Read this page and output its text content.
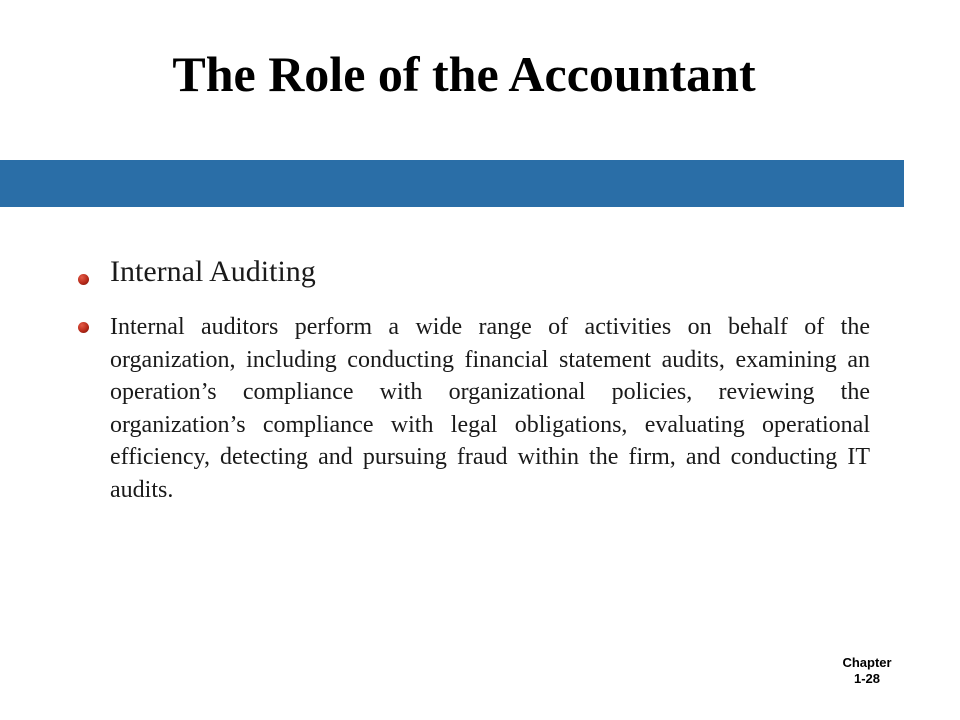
The Role of the Accountant
Internal Auditing
Internal auditors perform a wide range of activities on behalf of the organization, including conducting financial statement audits, examining an operation’s compliance with organizational policies, reviewing the organization’s compliance with legal obligations, evaluating operational efficiency, detecting and pursuing fraud within the firm, and conducting IT audits.
Chapter
1-28
